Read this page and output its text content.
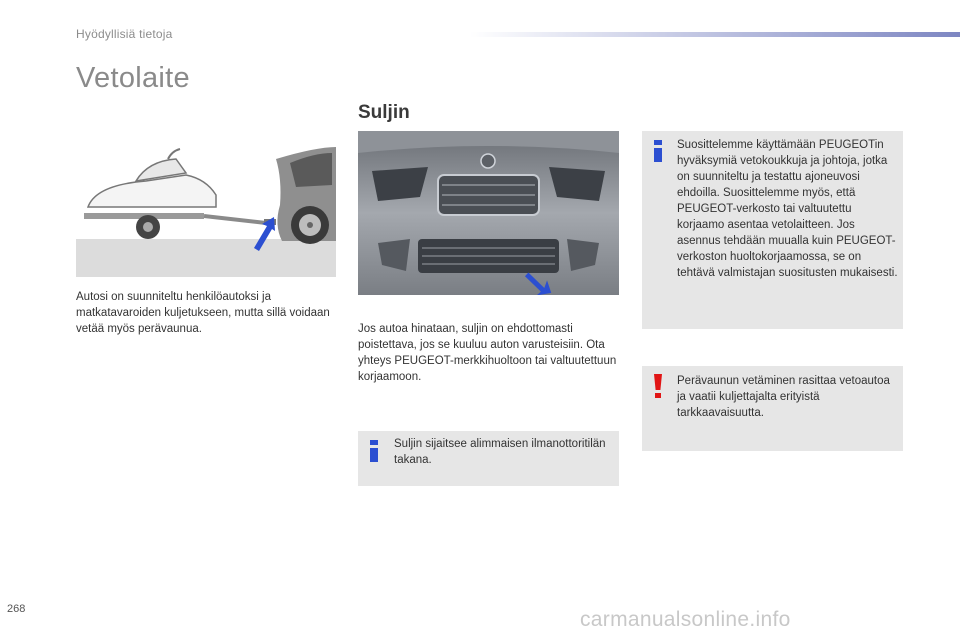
Hyödyllisiä tietoja
Vetolaite
Autosi on suunniteltu henkilöautoksi ja matkatavaroiden kuljetukseen, mutta sillä voidaan vetää myös perävaunua.
Suljin
Jos autoa hinataan, suljin on ehdottomasti poistettava, jos se kuuluu auton varusteisiin. Ota yhteys PEUGEOT-merkkihuoltoon tai valtuutettuun korjaamoon.
Suljin sijaitsee alimmaisen ilmanottoritilän takana.
Suosittelemme käyttämään PEUGEOTin hyväksymiä vetokoukkuja ja johtoja, jotka on suunniteltu ja testattu ajoneuvosi ehdoilla. Suosittelemme myös, että PEUGEOT-verkosto tai valtuutettu korjaamo asentaa vetolaitteen. Jos asennus tehdään muualla kuin PEUGEOT-verkoston huoltokorjaamossa, se on tehtävä valmistajan suositusten mukaisesti.
Perävaunun vetäminen rasittaa vetoautoa ja vaatii kuljettajalta erityistä tarkkaavaisuutta.
268	carmanualsonline.info
